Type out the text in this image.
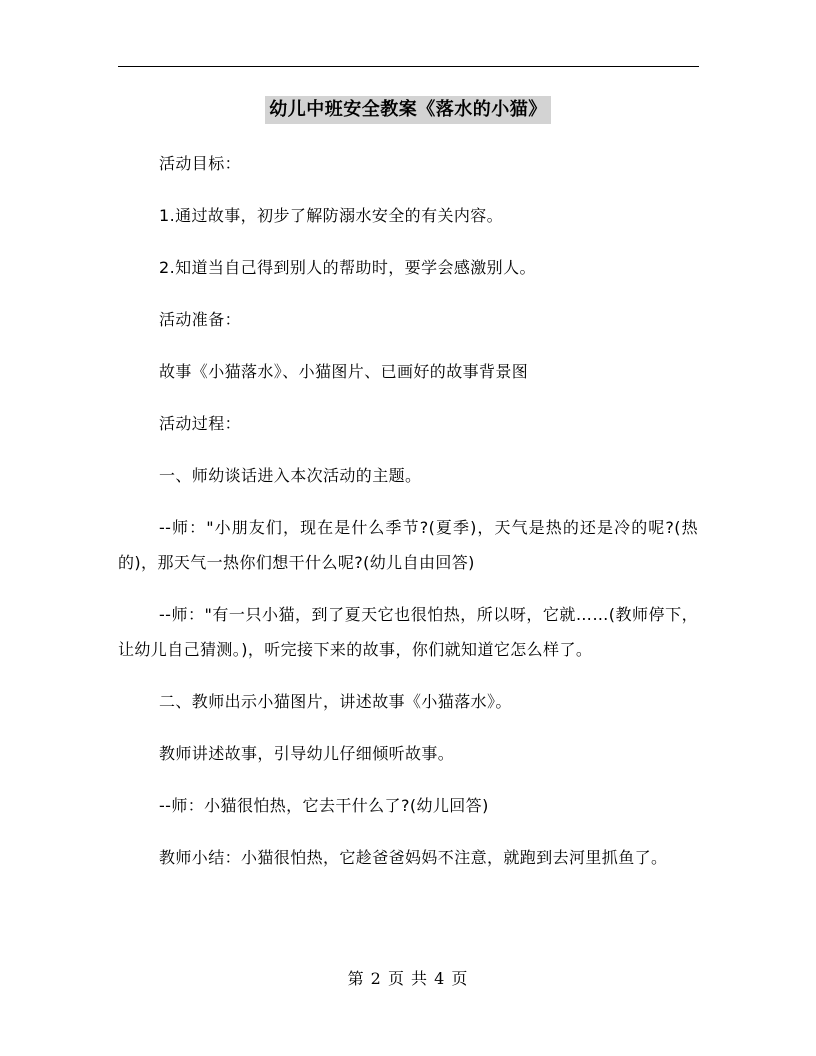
幼儿中班安全教案《落水的小猫》

活动目标：

1.通过故事，初步了解防溺水安全的有关内容。

2.知道当自己得到别人的帮助时，要学会感激别人。

活动准备：

故事《小猫落水》、小猫图片、已画好的故事背景图

活动过程：

一、师幼谈话进入本次活动的主题。

--师："小朋友们，现在是什么季节?(夏季)，天气是热的还是冷的呢?(热的)，那天气一热你们想干什么呢?(幼儿自由回答)

--师："有一只小猫，到了夏天它也很怕热，所以呀，它就……(教师停下，让幼儿自己猜测。)，听完接下来的故事，你们就知道它怎么样了。

二、教师出示小猫图片，讲述故事《小猫落水》。

教师讲述故事，引导幼儿仔细倾听故事。

--师：小猫很怕热，它去干什么了?(幼儿回答)

教师小结：小猫很怕热，它趁爸爸妈妈不注意，就跑到去河里抓鱼了。

第 2 页 共 4 页
